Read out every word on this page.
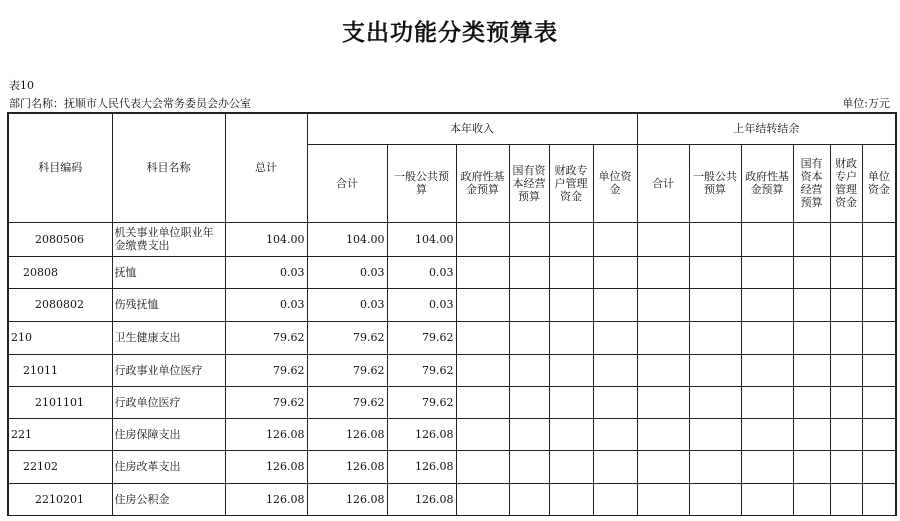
支出功能分类预算表
表10
部门名称：抚顺市人民代表大会常务委员会办公室	单位:万元
科目编码	科目名称	总计	本年收入						上年结转结余					
			合计	一般公共预算	政府性基金预算	国有资本经营预算	财政专户管理资金	单位资金	合计	一般公共预算	政府性基金预算	国有资本经营预算	财政专户管理资金	单位资金
2080506	机关事业单位职业年金缴费支出	104.00	104.00	104.00										
20808	抚恤	0.03	0.03	0.03										
2080802	伤残抚恤	0.03	0.03	0.03										
210	卫生健康支出	79.62	79.62	79.62										
21011	行政事业单位医疗	79.62	79.62	79.62										
2101101	行政单位医疗	79.62	79.62	79.62										
221	住房保障支出	126.08	126.08	126.08										
22102	住房改革支出	126.08	126.08	126.08										
2210201	住房公积金	126.08	126.08	126.08										
